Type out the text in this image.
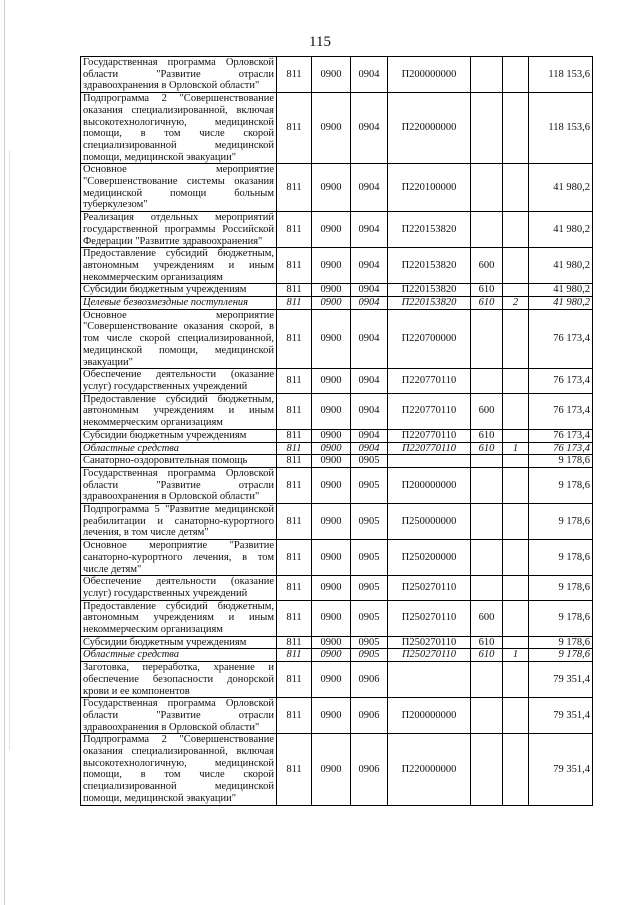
115
Государственная программа Орловской области "Развитие отрасли здравоохранения в Орловской области"	811	0900	0904	П200000000			118 153,6
Подпрограмма 2 "Совершенствование оказания специализированной, включая высокотехнологичную, медицинской помощи, в том числе скорой специализированной медицинской помощи, медицинской эвакуации"	811	0900	0904	П220000000			118 153,6
Основное мероприятие "Совершенствование системы оказания медицинской помощи больным туберкулезом"	811	0900	0904	П220100000			41 980,2
Реализация отдельных мероприятий государственной программы Российской Федерации "Развитие здравоохранения"	811	0900	0904	П220153820			41 980,2
Предоставление субсидий бюджетным, автономным учреждениям и иным некоммерческим организациям	811	0900	0904	П220153820	600		41 980,2
Субсидии бюджетным учреждениям	811	0900	0904	П220153820	610		41 980,2
Целевые безвозмездные поступления	811	0900	0904	П220153820	610	2	41 980,2
Основное мероприятие "Совершенствование оказания скорой, в том числе скорой специализированной, медицинской помощи, медицинской эвакуации"	811	0900	0904	П220700000			76 173,4
Обеспечение деятельности (оказание услуг) государственных учреждений	811	0900	0904	П220770110			76 173,4
Предоставление субсидий бюджетным, автономным учреждениям и иным некоммерческим организациям	811	0900	0904	П220770110	600		76 173,4
Субсидии бюджетным учреждениям	811	0900	0904	П220770110	610		76 173,4
Областные средства	811	0900	0904	П220770110	610	1	76 173,4
Санаторно-оздоровительная помощь	811	0900	0905				9 178,6
Государственная программа Орловской области "Развитие отрасли здравоохранения в Орловской области"	811	0900	0905	П200000000			9 178,6
Подпрограмма 5 "Развитие медицинской реабилитации и санаторно-курортного лечения, в том числе детям"	811	0900	0905	П250000000			9 178,6
Основное мероприятие "Развитие санаторно-курортного лечения, в том числе детям"	811	0900	0905	П250200000			9 178,6
Обеспечение деятельности (оказание услуг) государственных учреждений	811	0900	0905	П250270110			9 178,6
Предоставление субсидий бюджетным, автономным учреждениям и иным некоммерческим организациям	811	0900	0905	П250270110	600		9 178,6
Субсидии бюджетным учреждениям	811	0900	0905	П250270110	610		9 178,6
Областные средства	811	0900	0905	П250270110	610	1	9 178,6
Заготовка, переработка, хранение и обеспечение безопасности донорской крови и ее компонентов	811	0900	0906				79 351,4
Государственная программа Орловской области "Развитие отрасли здравоохранения в Орловской области"	811	0900	0906	П200000000			79 351,4
Подпрограмма 2 "Совершенствование оказания специализированной, включая высокотехнологичную, медицинской помощи, в том числе скорой специализированной медицинской помощи, медицинской эвакуации"	811	0900	0906	П220000000			79 351,4
